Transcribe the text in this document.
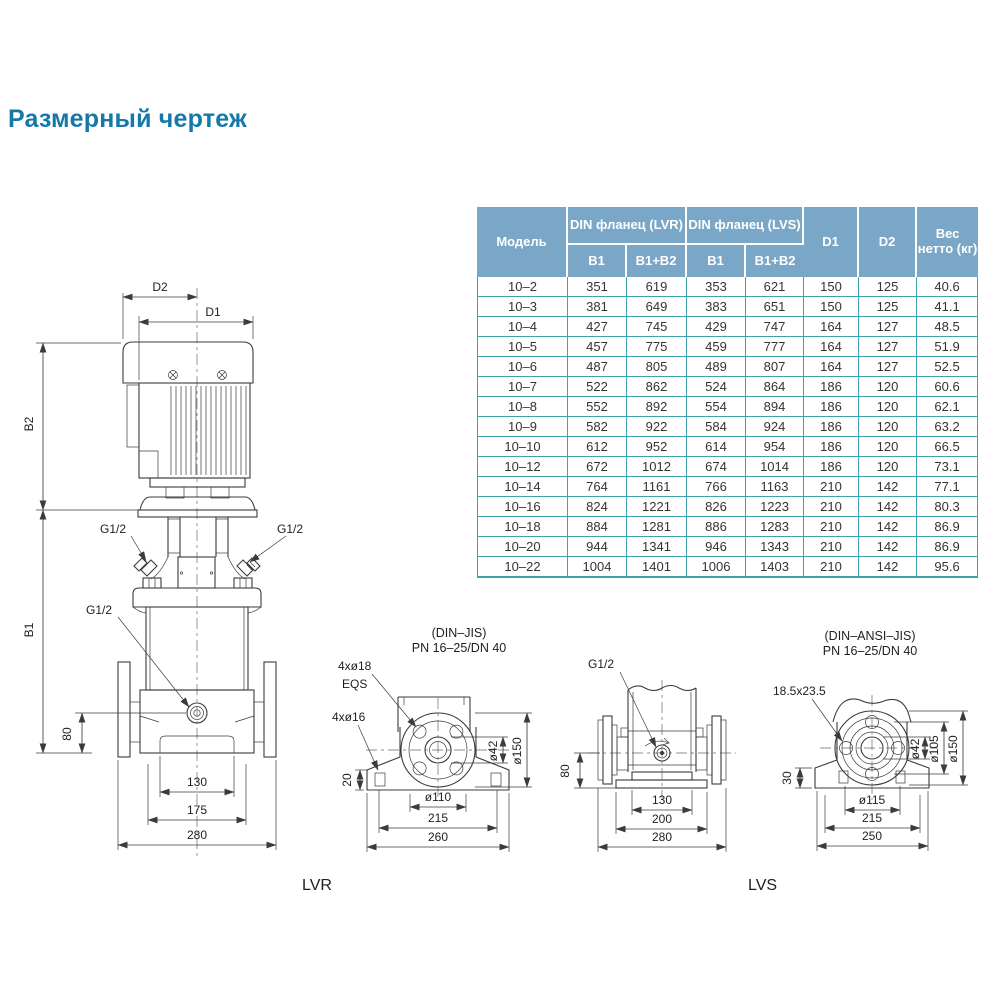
Размерный чертеж
Модель	DIN фланец (LVR)		DIN фланец (LVS)		D1	D2	Вес нетто (кг)
	B1	B1+B2	B1	B1+B2			
10–2	351	619	353	621	150	125	40.6
10–3	381	649	383	651	150	125	41.1
10–4	427	745	429	747	164	127	48.5
10–5	457	775	459	777	164	127	51.9
10–6	487	805	489	807	164	127	52.5
10–7	522	862	524	864	186	120	60.6
10–8	552	892	554	894	186	120	62.1
10–9	582	922	584	924	186	120	63.2
10–10	612	952	614	954	186	120	66.5
10–12	672	1012	674	1014	186	120	73.1
10–14	764	1161	766	1163	210	142	77.1
10–16	824	1221	826	1223	210	142	80.3
10–18	884	1281	886	1283	210	142	86.9
10–20	944	1341	946	1343	210	142	86.9
10–22	1004	1401	1006	1403	210	142	95.6
D2
D1
B2
B1
80
130
175
280
G1/2	G1/2
G1/2
LVR
(DIN–JIS)
PN 16–25/DN 40
20
ø42 ø150
ø110
215
260
4xø18
EQS
4xø16
80
130
200
280
G1/2
LVS
(DIN–ANSI–JIS)
PN 16–25/DN 40
30
ø42 ø105 ø150
ø115
215
250
18.5x23.5
